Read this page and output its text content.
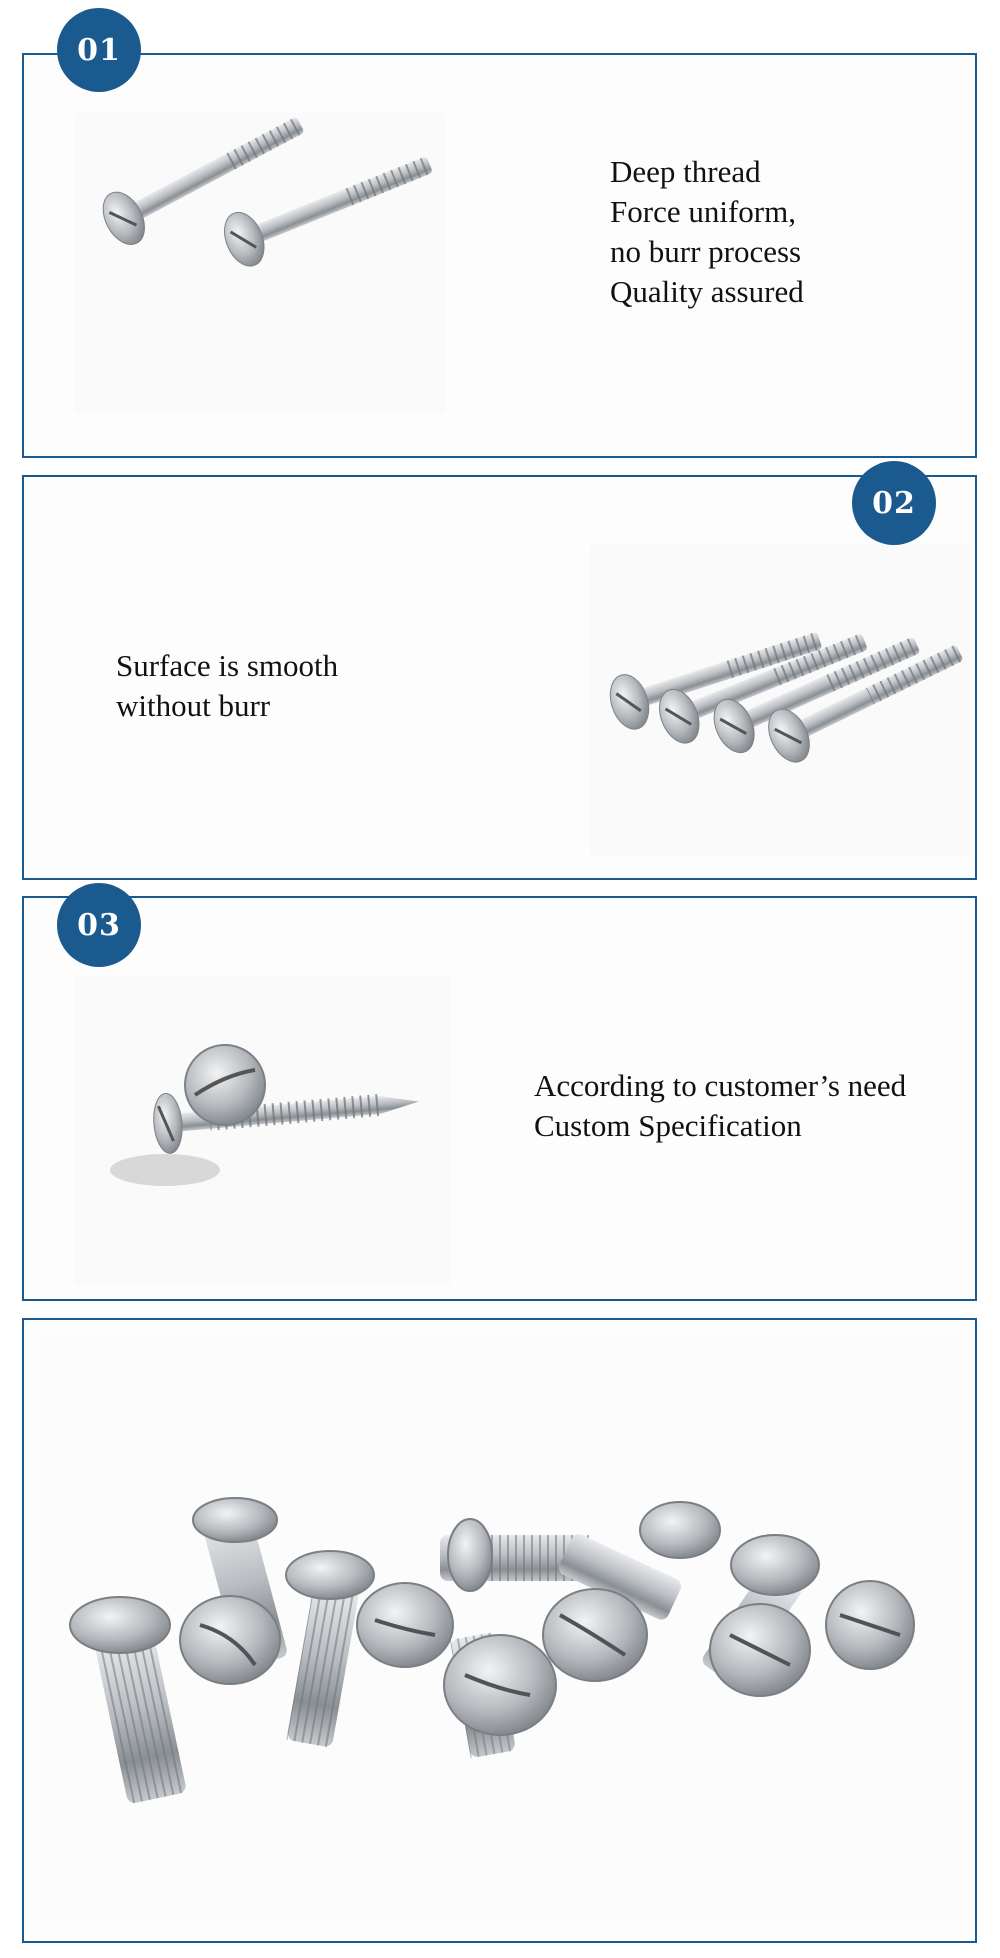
01
02
03
Deep thread
Force uniform,
no burr process
Quality assured
Surface is smooth
without burr
According to customer’s need
Custom Specification
